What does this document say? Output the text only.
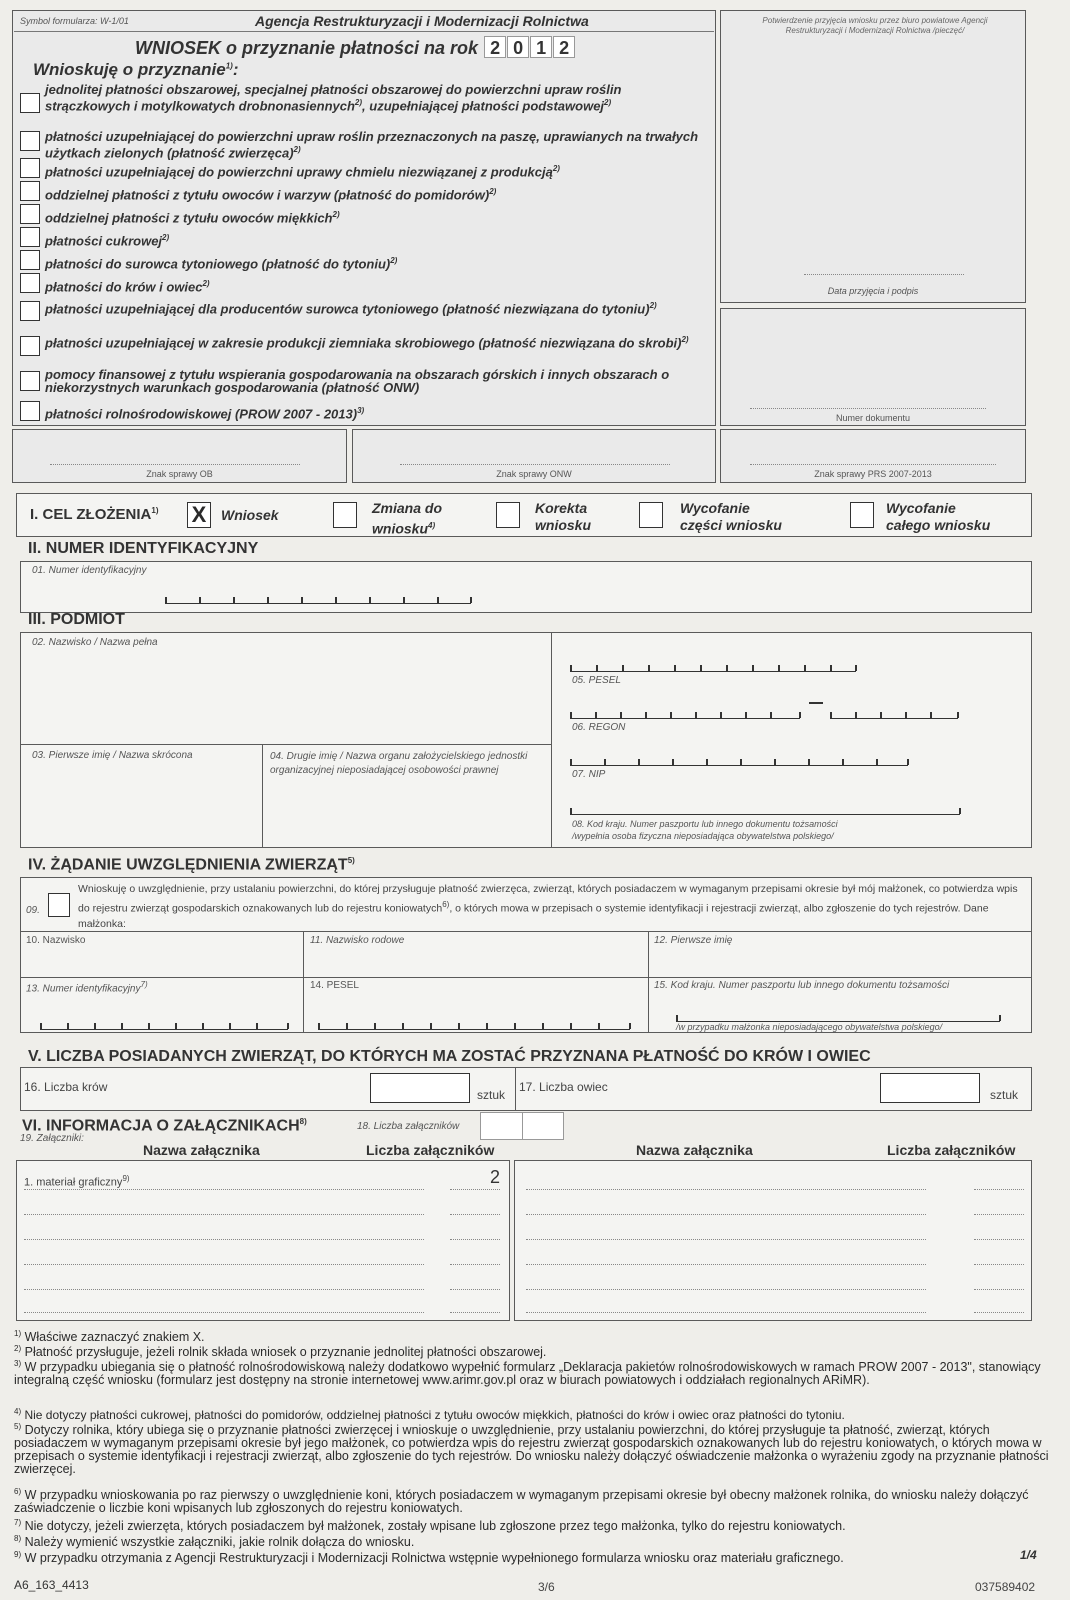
Symbol formularza: W-1/01	Agencja Restrukturyzacji i Modernizacji Rolnictwa
WNIOSEK o przyznanie płatności na rok 2 0 1 2
Wnioskuję o przyznanie$^{1)}$:
jednolitej płatności obszarowej, specjalnej płatności obszarowej do powierzchni upraw roślin strączkowych i motylkowatych drobnonasiennych$^{2)}$, uzupełniającej płatności podstawowej$^{2)}$
płatności uzupełniającej do powierzchni upraw roślin przeznaczonych na paszę, uprawianych na trwałych użytkach zielonych (płatność zwierzęca)$^{2)}$
płatności uzupełniającej do powierzchni uprawy chmielu niezwiązanej z produkcją$^{2)}$
oddzielnej płatności z tytułu owoców i warzyw (płatność do pomidorów)$^{2)}$
oddzielnej płatności z tytułu owoców miękkich$^{2)}$
płatności cukrowej$^{2)}$
płatności do surowca tytoniowego (płatność do tytoniu)$^{2)}$
płatności do krów i owiec$^{2)}$
płatności uzupełniającej dla producentów surowca tytoniowego (płatność niezwiązana do tytoniu)$^{2)}$
płatności uzupełniającej w zakresie produkcji ziemniaka skrobiowego (płatność niezwiązana do skrobi)$^{2)}$
pomocy finansowej z tytułu wspierania gospodarowania na obszarach górskich i innych obszarach o niekorzystnych warunkach gospodarowania (płatność ONW)
płatności rolnośrodowiskowej (PROW 2007 - 2013)$^{3)}$
Potwierdzenie przyjęcia wniosku przez biuro powiatowe Agencji Restrukturyzacji i Modernizacji Rolnictwa /pieczęć/
Data przyjęcia i podpis
Numer dokumentu
Znak sprawy OB	Znak sprawy ONW	Znak sprawy PRS 2007-2013
I. CEL ZŁOŻENIA$^{1)}$ X	Wniosek	Zmiana do
wniosku$^{4)}$
Korekta
wniosku
Wycofanie
części wniosku
Wycofanie
całego wniosku
II. NUMER IDENTYFIKACYJNY
01. Numer identyfikacyjny
III. PODMIOT
02. Nazwisko / Nazwa pełna
03. Pierwsze imię / Nazwa skrócona	04. Drugie imię / Nazwa organu założycielskiego jednostki organizacyjnej nieposiadającej osobowości prawnej
05. PESEL
06. REGON
07. NIP
08. Kod kraju. Numer paszportu lub innego dokumentu tożsamości
/wypełnia osoba fizyczna nieposiadająca obywatelstwa polskiego/
IV. ŻĄDANIE UWZGLĘDNIENIA ZWIERZĄT$^{5)}$
09.
Wnioskuję o uwzględnienie, przy ustalaniu powierzchni, do której przysługuje płatność zwierzęca, zwierząt, których posiadaczem w wymaganym przepisami okresie był mój małżonek, co potwierdza wpis do rejestru zwierząt gospodarskich oznakowanych lub do rejestru koniowatych$^{6)}$, o których mowa w przepisach o systemie identyfikacji i rejestracji zwierząt, albo zgłoszenie do tych rejestrów. Dane małżonka:
10. Nazwisko	11. Nazwisko rodowe	12. Pierwsze imię
13. Numer identyfikacyjny$^{7)}$	14. PESEL	15. Kod kraju. Numer paszportu lub innego dokumentu tożsamości
/w przypadku małżonka nieposiadającego obywatelstwa polskiego/
V. LICZBA POSIADANYCH ZWIERZĄT, DO KTÓRYCH MA ZOSTAĆ PRZYZNANA PŁATNOŚĆ DO KRÓW I OWIEC
16. Liczba krów
sztuk
17. Liczba owiec
sztuk
VI. INFORMACJA O ZAŁĄCZNIKACH$^{8)}$	18. Liczba załączników
19. Załączniki:
Nazwa załącznika	Liczba załączników	Nazwa załącznika	Liczba załączników
1. materiał graficzny$^{9)}$	2
$^{1)}$ Właściwe zaznaczyć znakiem X.
$^{2)}$ Płatność przysługuje, jeżeli rolnik składa wniosek o przyznanie jednolitej płatności obszarowej.
$^{3)}$ W przypadku ubiegania się o płatność rolnośrodowiskową należy dodatkowo wypełnić formularz „Deklaracja pakietów rolnośrodowiskowych w ramach PROW 2007 - 2013", stanowiący integralną część wniosku (formularz jest dostępny na stronie internetowej www.arimr.gov.pl oraz w biurach powiatowych i oddziałach regionalnych ARiMR).
$^{4)}$ Nie dotyczy płatności cukrowej, płatności do pomidorów, oddzielnej płatności z tytułu owoców miękkich, płatności do krów i owiec oraz płatności do tytoniu.
$^{5)}$ Dotyczy rolnika, który ubiega się o przyznanie płatności zwierzęcej i wnioskuje o uwzględnienie, przy ustalaniu powierzchni, do której przysługuje ta płatność, zwierząt, których posiadaczem w wymaganym przepisami okresie był jego małżonek, co potwierdza wpis do rejestru zwierząt gospodarskich oznakowanych lub do rejestru koniowatych, o których mowa w przepisach o systemie identyfikacji i rejestracji zwierząt, albo zgłoszenie do tych rejestrów. Do wniosku należy dołączyć oświadczenie małżonka o wyrażeniu zgody na przyznanie płatności zwierzęcej.
$^{6)}$ W przypadku wnioskowania po raz pierwszy o uwzględnienie koni, których posiadaczem w wymaganym przepisami okresie był obecny małżonek rolnika, do wniosku należy dołączyć zaświadczenie o liczbie koni wpisanych lub zgłoszonych do rejestru koniowatych.
$^{7)}$ Nie dotyczy, jeżeli zwierzęta, których posiadaczem był małżonek, zostały wpisane lub zgłoszone przez tego małżonka, tylko do rejestru koniowatych.
$^{8)}$ Należy wymienić wszystkie załączniki, jakie rolnik dołącza do wniosku.
$^{9)}$ W przypadku otrzymania z Agencji Restrukturyzacji i Modernizacji Rolnictwa wstępnie wypełnionego formularza wniosku oraz materiału graficznego.	1/4
A6_163_4413	3/6	037589402
